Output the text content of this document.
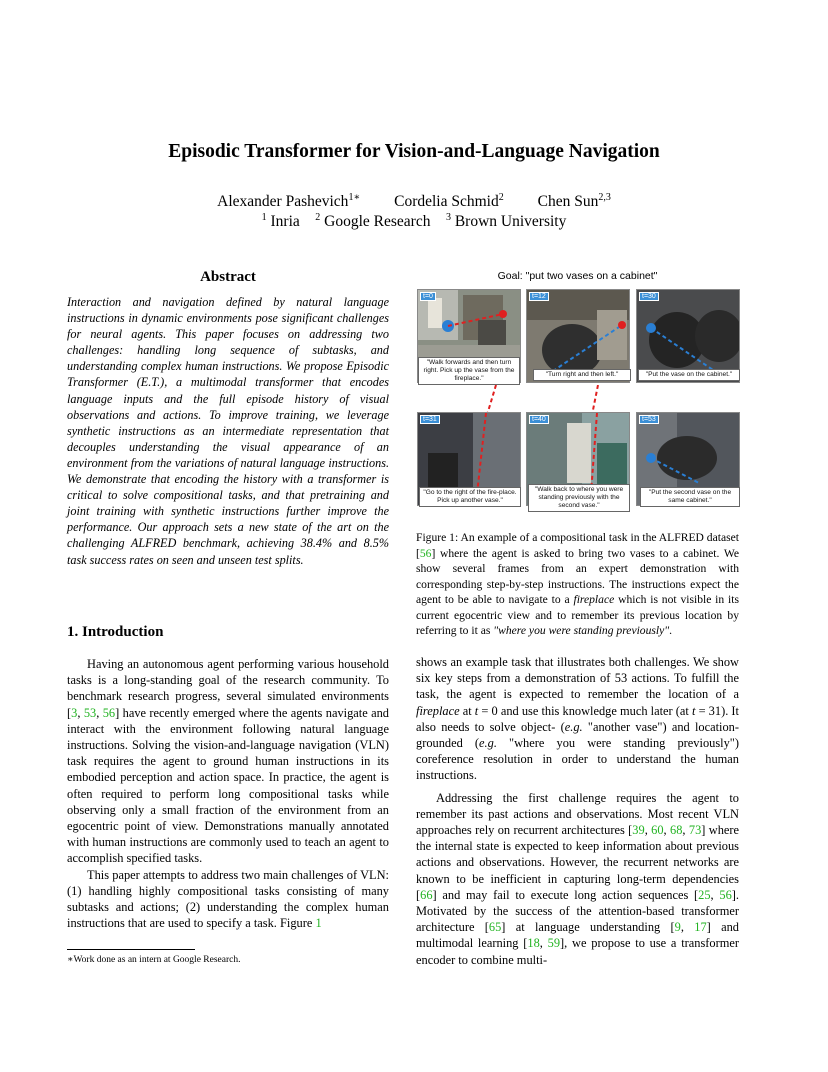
Episodic Transformer for Vision-and-Language Navigation
Alexander Pashevich$^{1∗}$ Cordelia Schmid$^2$ Chen Sun$^{2,3}$
$^1$ Inria $^2$ Google Research $^3$ Brown University
Abstract
Interaction and navigation defined by natural language instructions in dynamic environments pose significant challenges for neural agents. This paper focuses on addressing two challenges: handling long sequence of subtasks, and understanding complex human instructions. We propose Episodic Transformer (E.T.), a multimodal transformer that encodes language inputs and the full episode history of visual observations and actions. To improve training, we leverage synthetic instructions as an intermediate representation that decouples understanding the visual appearance of an environment from the variations of natural language instructions. We demonstrate that encoding the history with a transformer is critical to solve compositional tasks, and that pretraining and joint training with synthetic instructions further improve the performance. Our approach sets a new state of the art on the challenging ALFRED benchmark, achieving 38.4% and 8.5% task success rates on seen and unseen test splits.
Goal: "put two vases on a cabinet"
t=0
"Walk forwards and then turn right. Pick up the vase from the fireplace."
t=12
"Turn right and then left."
t=30
"Put the vase on the cabinet."
t=31
"Go to the right of the fire-place. Pick up another vase."
t=40
"Walk back to where you were standing previously with the second vase."
t=53
"Put the second vase on the same cabinet."
Figure 1: An example of a compositional task in the ALFRED dataset [56] where the agent is asked to bring two vases to a cabinet. We show several frames from an expert demonstration with corresponding step-by-step instructions. The instructions expect the agent to be able to navigate to a fireplace which is not visible in its current egocentric view and to remember its previous location by referring to it as "where you were standing previously".
1. Introduction

Having an autonomous agent performing various household tasks is a long-standing goal of the research community. To benchmark research progress, several simulated environments [3, 53, 56] have recently emerged where the agents navigate and interact with the environment following natural language instructions. Solving the vision-and-language navigation (VLN) task requires the agent to ground human instructions in its embodied perception and action space. In practice, the agent is often required to perform long compositional tasks while observing only a small fraction of the environment from an egocentric point of view. Demonstrations manually annotated with human instructions are commonly used to teach an agent to accomplish specified tasks.

This paper attempts to address two main challenges of VLN: (1) handling highly compositional tasks consisting of many subtasks and actions; (2) understanding the complex human instructions that are used to specify a task. Figure 1

∗Work done as an intern at Google Research.

shows an example task that illustrates both challenges. We show six key steps from a demonstration of 53 actions. To fulfill the task, the agent is expected to remember the location of a fireplace at t = 0 and use this knowledge much later (at t = 31). It also needs to solve object- (e.g. "another vase") and location-grounded (e.g. "where you were standing previously") coreference resolution in order to understand the human instructions.

Addressing the first challenge requires the agent to remember its past actions and observations. Most recent VLN approaches rely on recurrent architectures [39, 60, 68, 73] where the internal state is expected to keep information about previous actions and observations. However, the recurrent networks are known to be inefficient in capturing long-term dependencies [66] and may fail to execute long action sequences [25, 56]. Motivated by the success of the attention-based transformer architecture [65] at language understanding [9, 17] and multimodal learning [18, 59], we propose to use a transformer encoder to combine multi-
